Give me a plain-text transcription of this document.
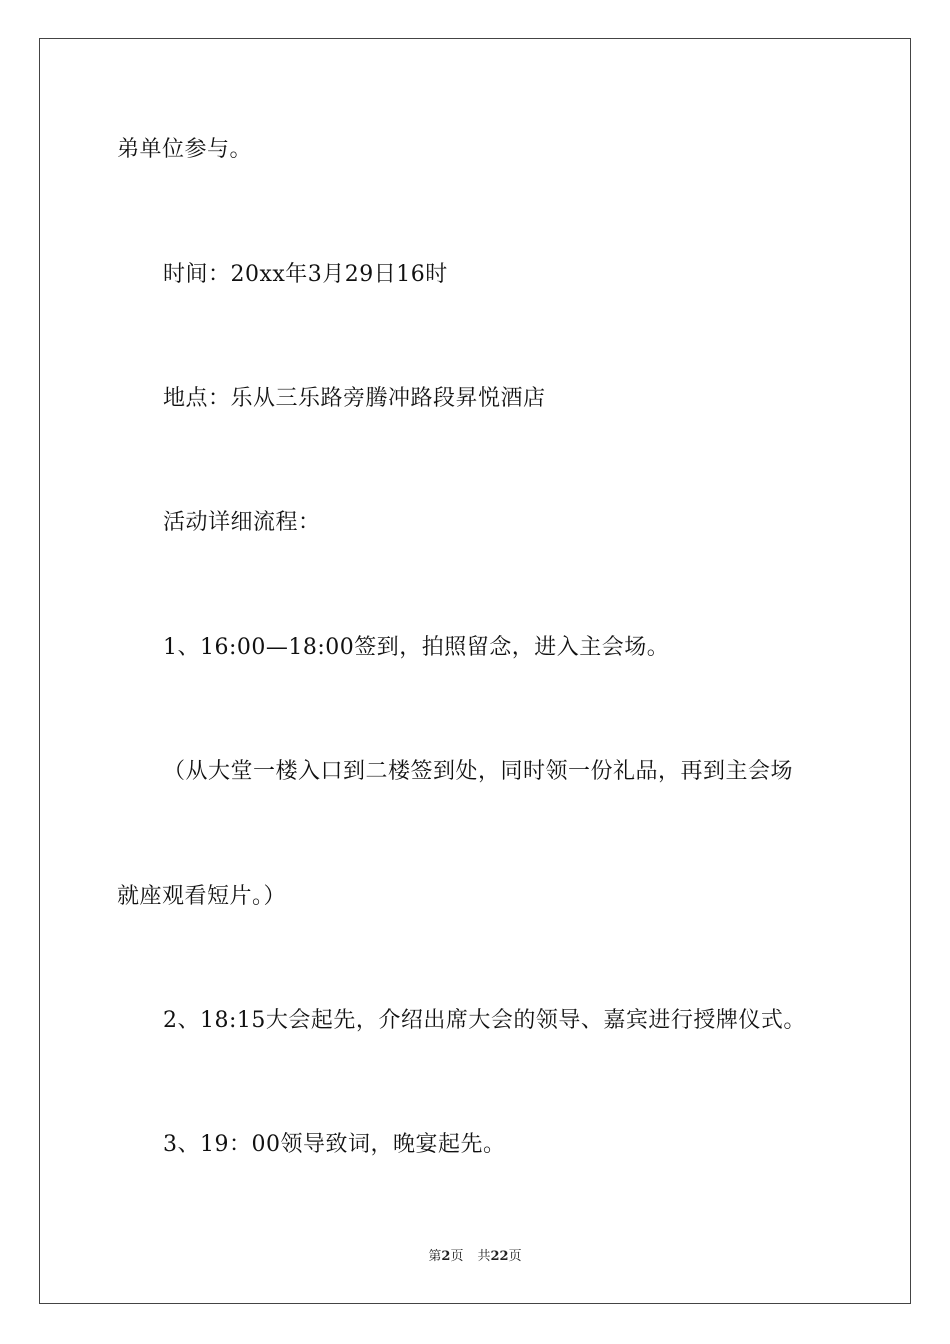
弟单位参与。
时间：20xx年3月29日16时
地点：乐从三乐路旁腾冲路段昇悦酒店
活动详细流程：
1、16:00—18:00签到，拍照留念，进入主会场。
（从大堂一楼入口到二楼签到处，同时领一份礼品，再到主会场
就座观看短片。）
2、18:15大会起先，介绍出席大会的领导、嘉宾进行授牌仪式。
3、19：00领导致词，晚宴起先。
第2页 共22页
